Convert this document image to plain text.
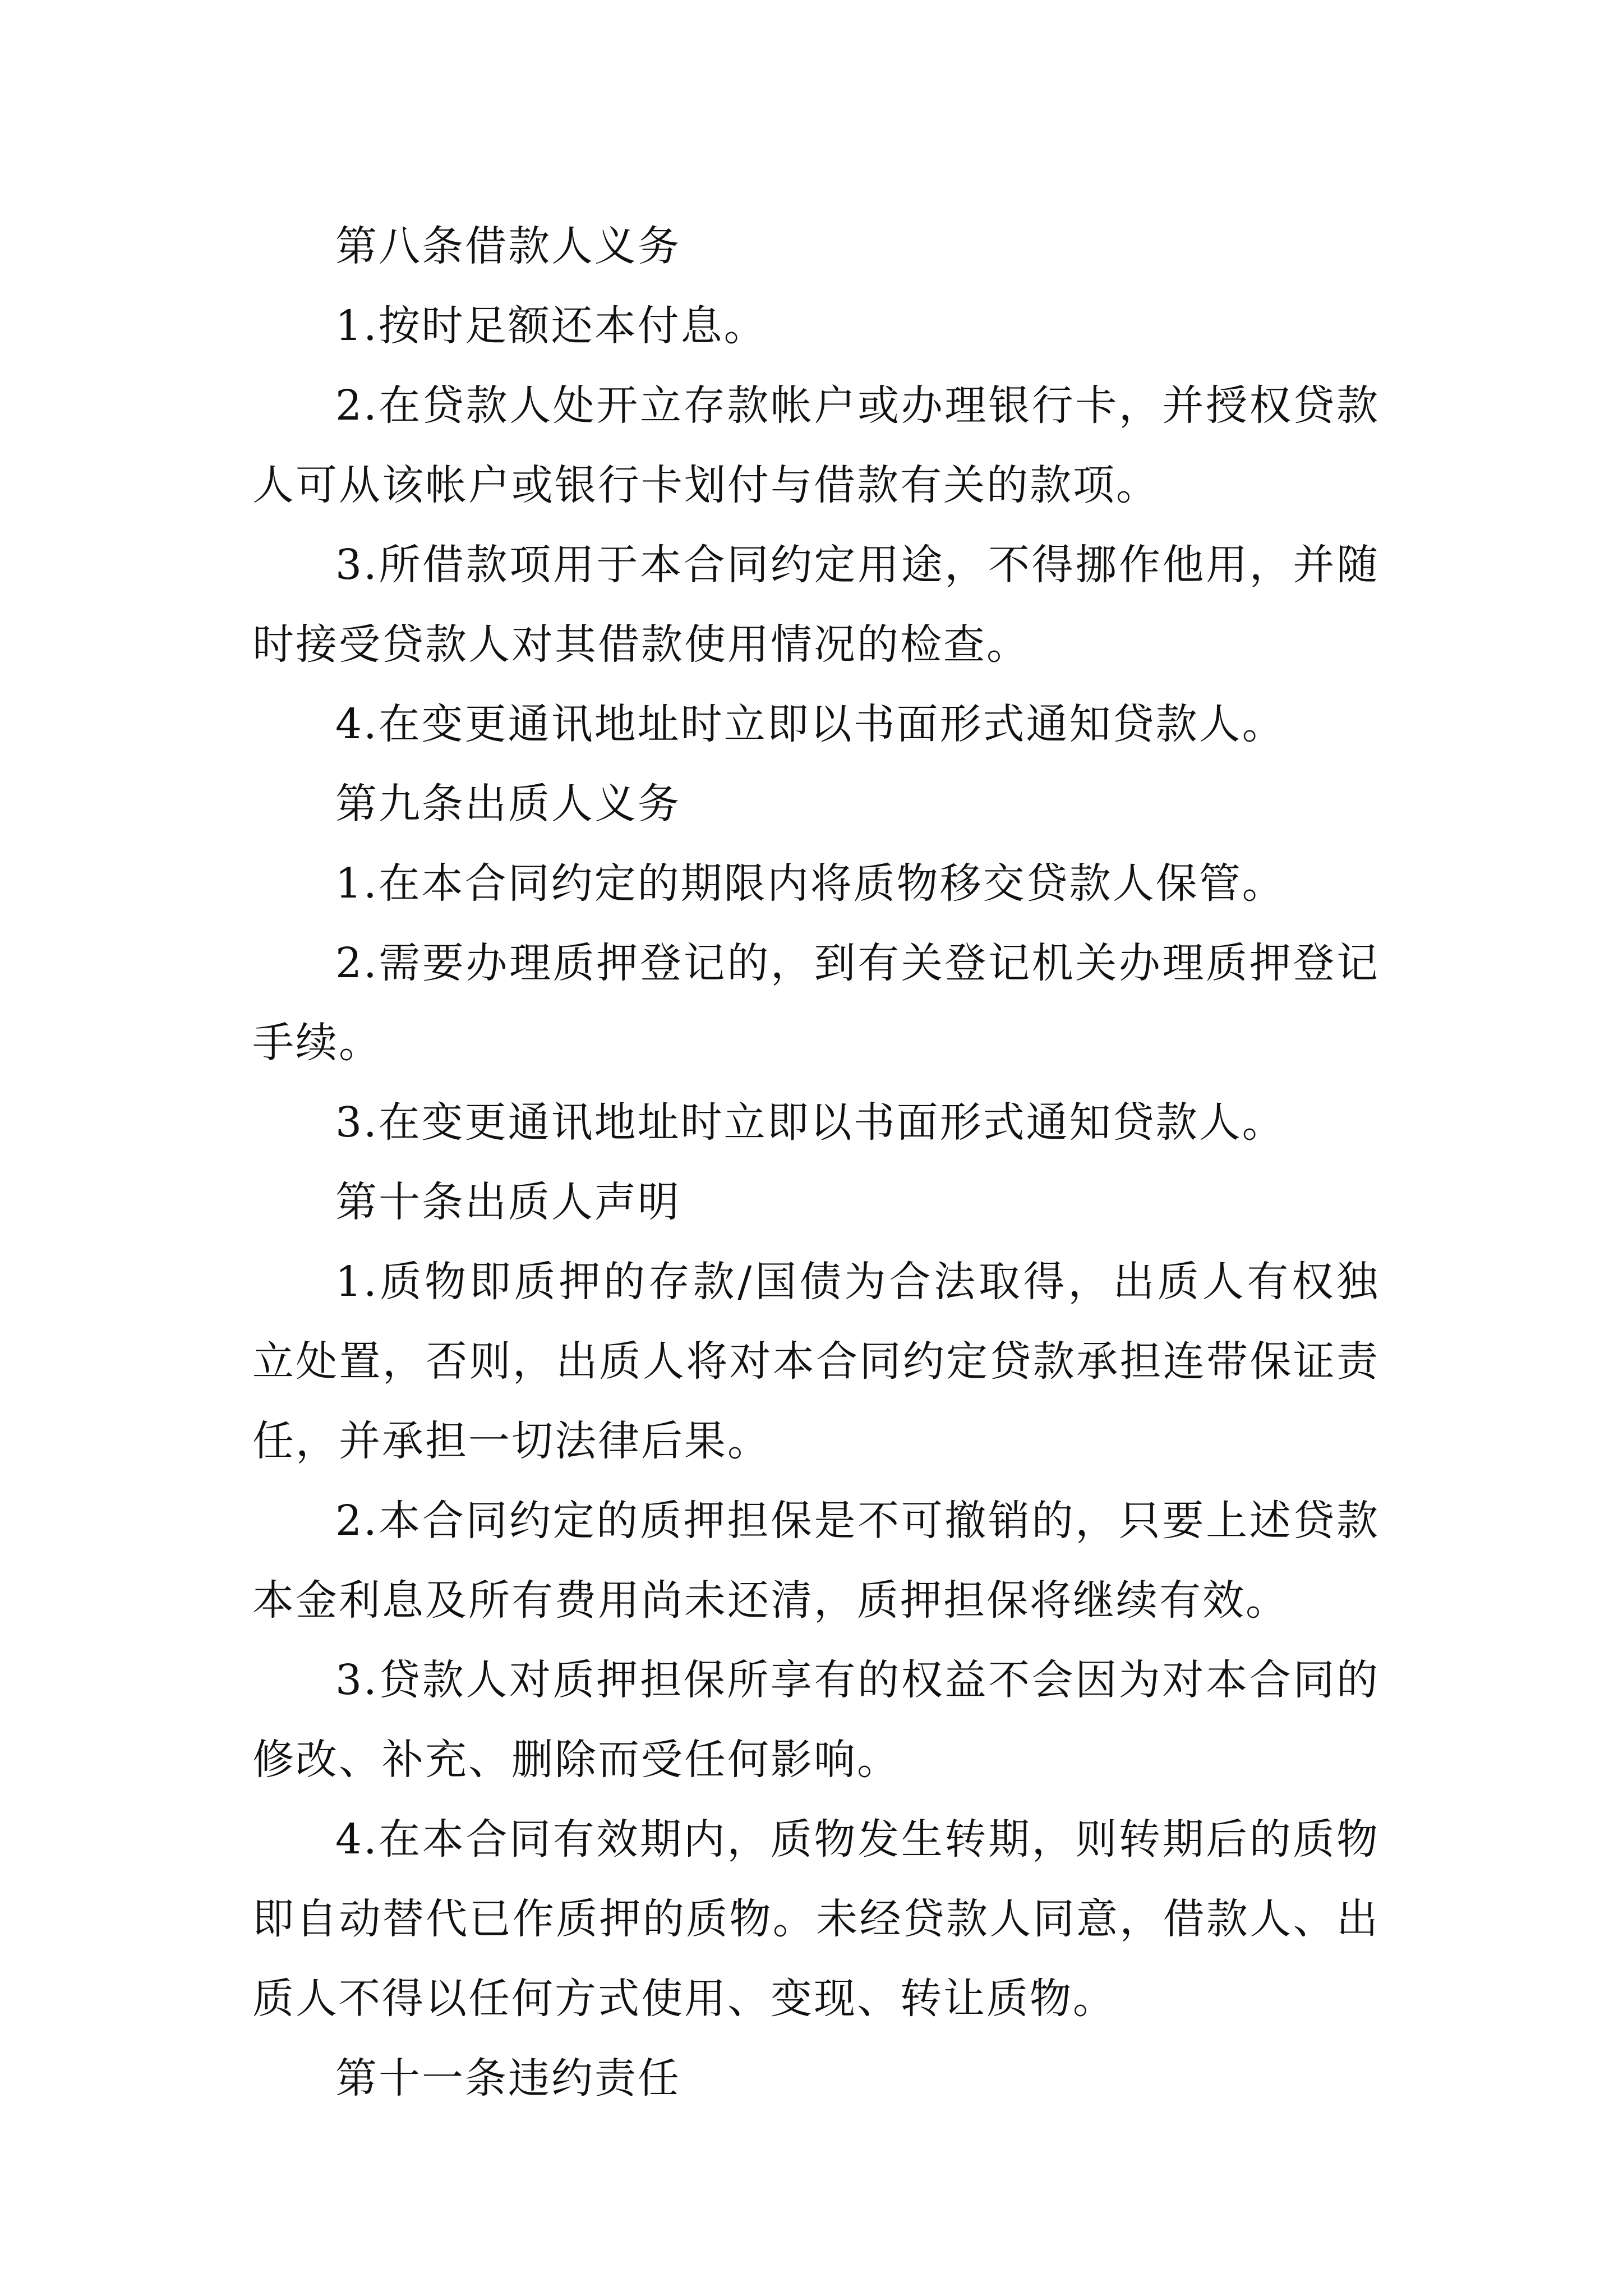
第八条借款人义务

1.按时足额还本付息。

2.在贷款人处开立存款帐户或办理银行卡，并授权贷款人可从该帐户或银行卡划付与借款有关的款项。

3.所借款项用于本合同约定用途，不得挪作他用，并随时接受贷款人对其借款使用情况的检查。

4.在变更通讯地址时立即以书面形式通知贷款人。

第九条出质人义务

1.在本合同约定的期限内将质物移交贷款人保管。

2.需要办理质押登记的，到有关登记机关办理质押登记手续。

3.在变更通讯地址时立即以书面形式通知贷款人。

第十条出质人声明

1.质物即质押的存款/国债为合法取得，出质人有权独立处置，否则，出质人将对本合同约定贷款承担连带保证责任，并承担一切法律后果。

2.本合同约定的质押担保是不可撤销的，只要上述贷款本金利息及所有费用尚未还清，质押担保将继续有效。

3.贷款人对质押担保所享有的权益不会因为对本合同的修改、补充、删除而受任何影响。

4.在本合同有效期内，质物发生转期，则转期后的质物即自动替代已作质押的质物。未经贷款人同意，借款人、出质人不得以任何方式使用、变现、转让质物。

第十一条违约责任
